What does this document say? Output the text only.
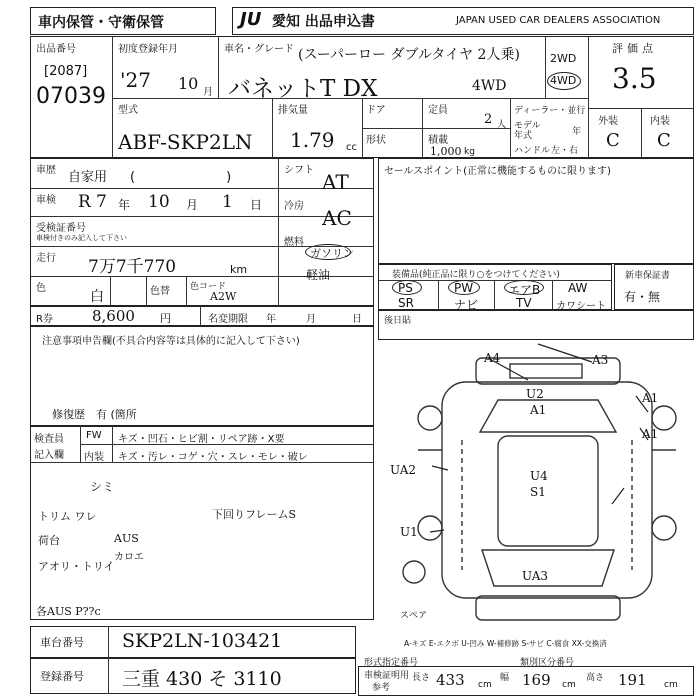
車内保管・守衛保管	JU 愛知 出品申込書	JAPAN USED CAR DEALERS ASSOCIATION
出品番号
[2087]
07039
初度登録年月
'27 10 月
車名・グレード (スーパーロー ダブルタイヤ 2人乗)
バネットT DX	4WD
2WD
4WD
評価点
3.5
外装	内装
C C
型式
ABF-SKP2LN
排気量
1.79 cc
ドア	定員
2 人
形状	積載
1,000 kg
ディーラー・並行
モデル
年式	年
ハンドル 左・右
車歴 自家用 (　　　　　　　)
車検 R 7 年 10 月 1 日
受検証番号
車検付きのみ記入して下さい
走行 7万7千770	km
色
白	色替 色コード
A2W
シフト AT
冷房 AC
燃料
ガソリン
軽油
セールスポイント(正常に機能するものに限ります)
装備品(純正品に限り○をつけてください)
PS	PW	エアB AW
SR	ナビ	TV カワシート
新車保証書
有・無
R券	8,600 円	名変期限 年	月	日 後日貼
注意事項申告欄(不具合内容等は具体的に記入して下さい)
修復歴　有 (箇所
検査員
記入欄
FW キズ・凹石・ヒビ割・リペア跡・X要
内装 キズ・汚レ・コゲ・穴・スレ・モレ・破レ
シミ
トリム ワレ	下回りフレームS
荷台
アオリ・トリイ
AUS
カロエ
各AUS P??c
A4	A3
U2
A1
A1
A1
UA2
U1
U4
S1
UA3
スペア
A-キズ E-エクボ U-凹み W-補修跡 S-サビ C-腐食 XX-交換済
車台番号 SKP2LN-103421
登録番号 三重 430 そ 3110
形式指定番号	類別区分番号
車検証明用
参考
長さ 433 cm
幅 169 cm
高さ 191 cm
